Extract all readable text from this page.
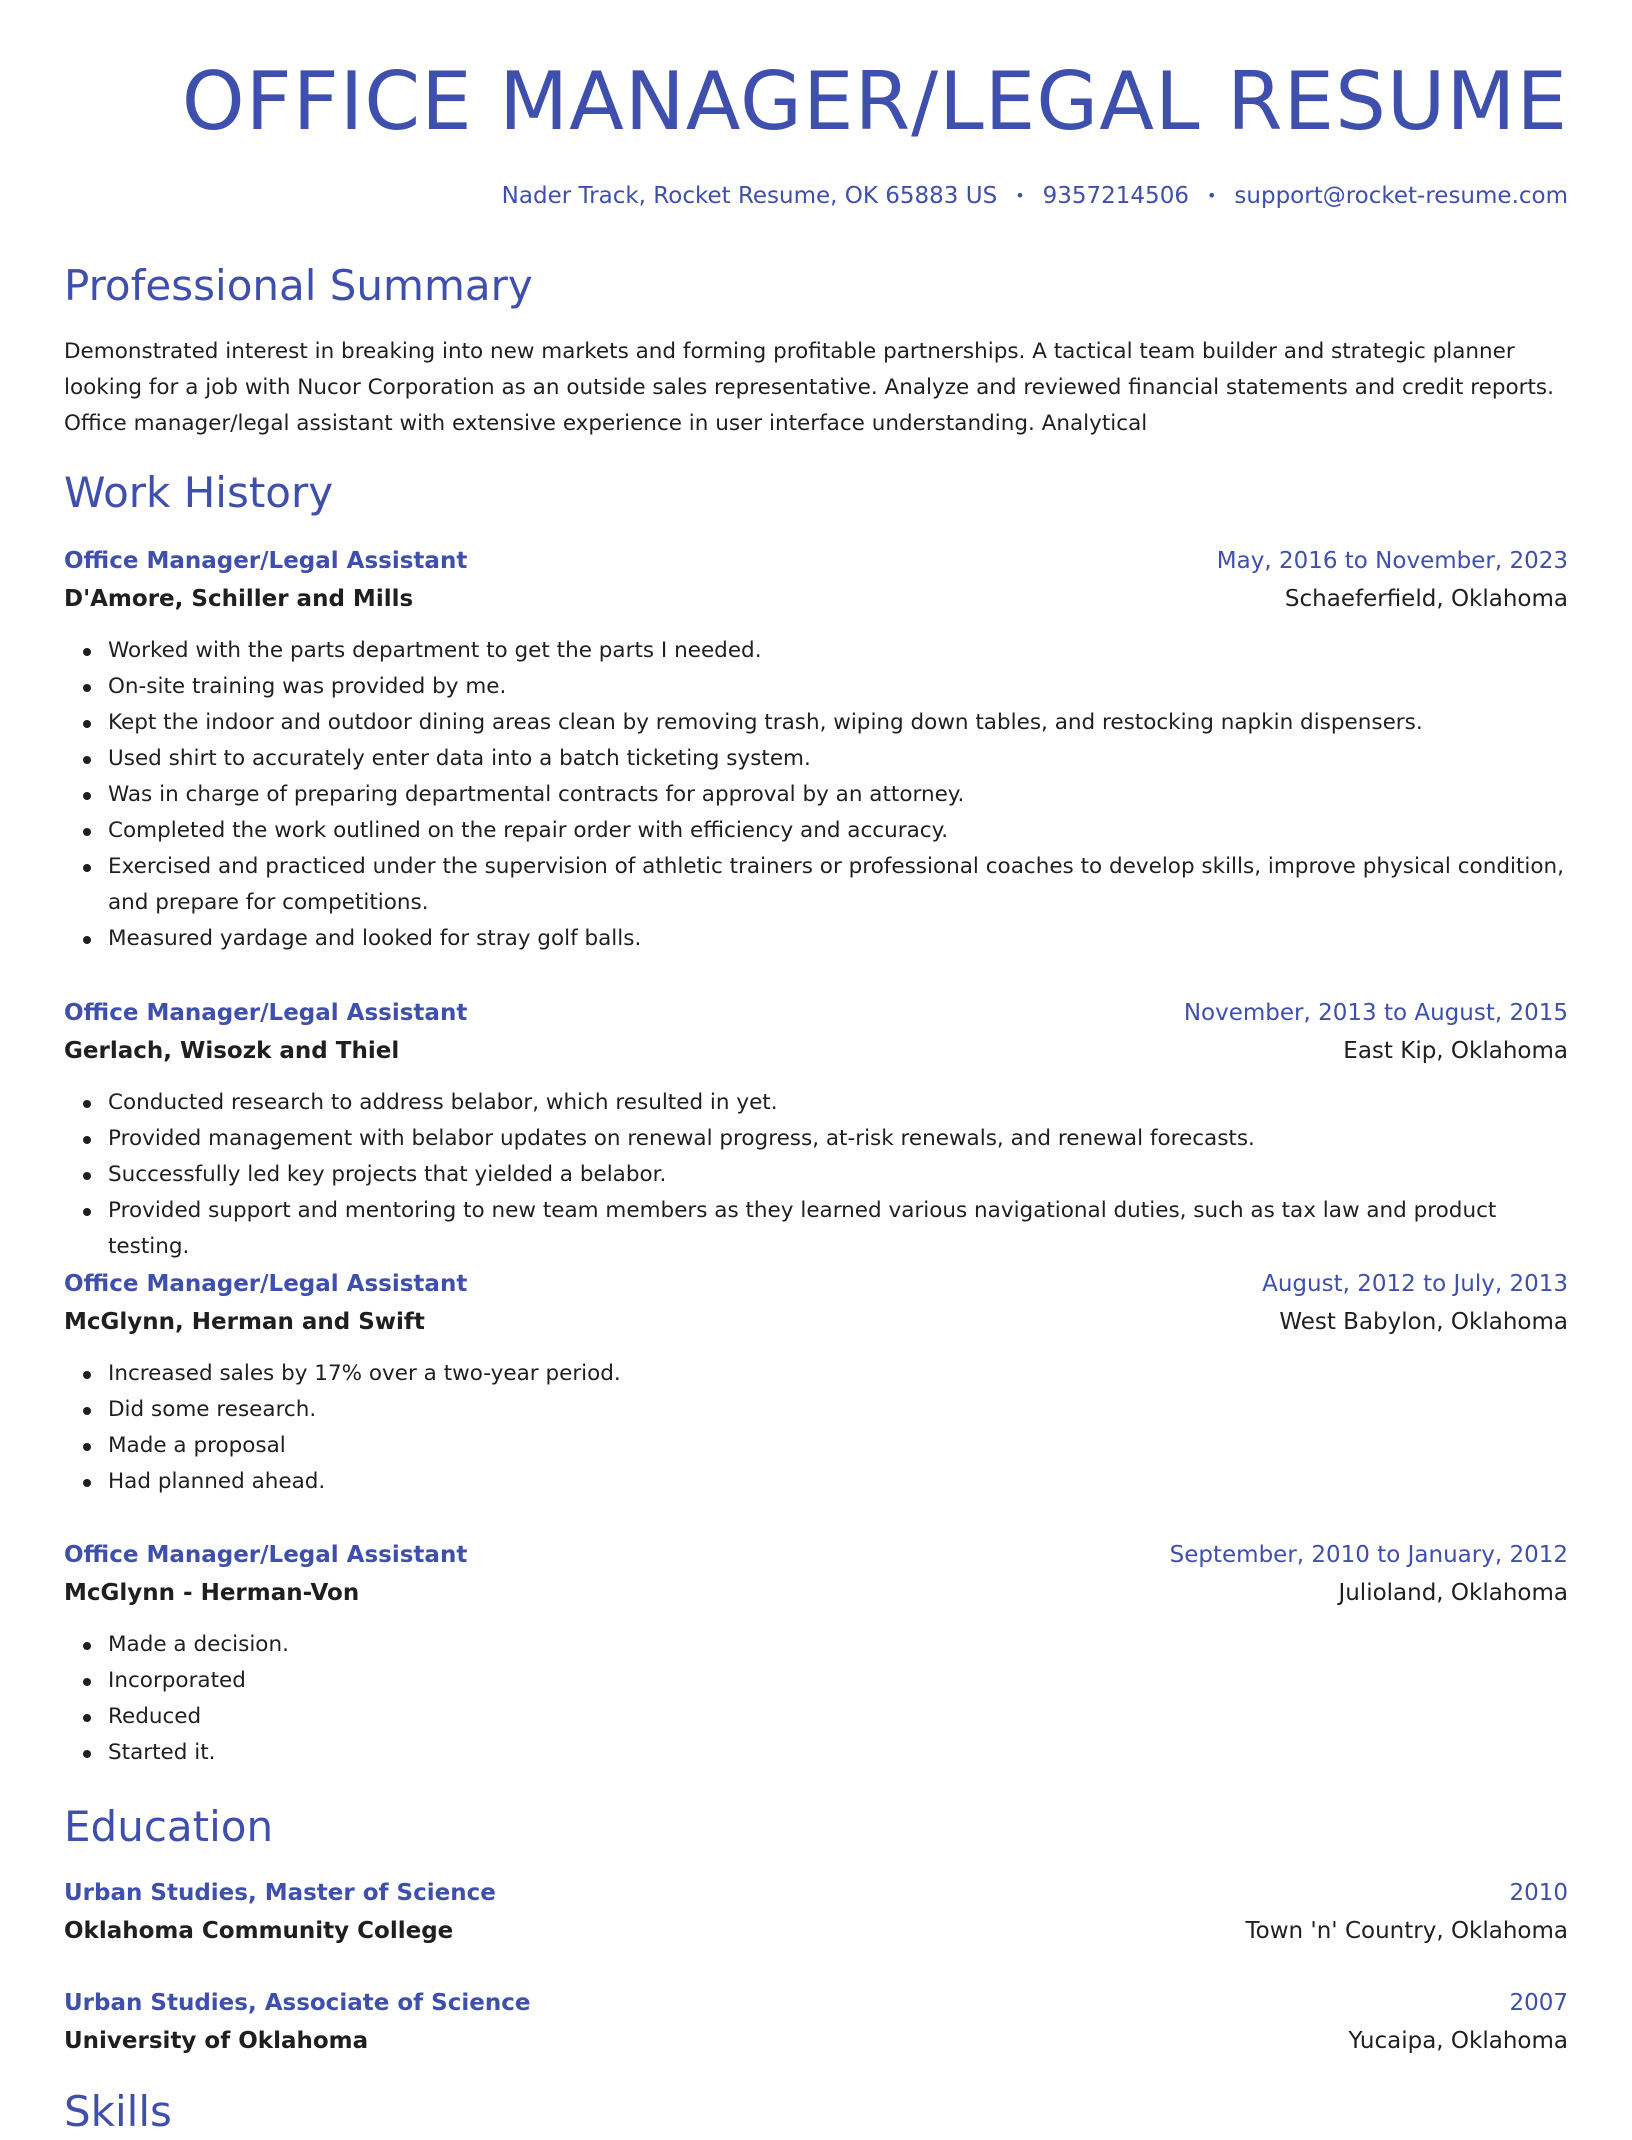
OFFICE MANAGER/LEGAL RESUME
Nader Track, Rocket Resume, OK 65883 US • 9357214506 • support@rocket-resume.com
Professional Summary

Demonstrated interest in breaking into new markets and forming profitable partnerships. A tactical team builder and strategic planner looking for a job with Nucor Corporation as an outside sales representative. Analyze and reviewed financial statements and credit reports. Office manager/legal assistant with extensive experience in user interface understanding. Analytical

Work History
Office Manager/Legal Assistant	May, 2016 to November, 2023
D'Amore, Schiller and Mills	Schaeferfield, Oklahoma
Worked with the parts department to get the parts I needed.
On-site training was provided by me.
Kept the indoor and outdoor dining areas clean by removing trash, wiping down tables, and restocking napkin dispensers.
Used shirt to accurately enter data into a batch ticketing system.
Was in charge of preparing departmental contracts for approval by an attorney.
Completed the work outlined on the repair order with efficiency and accuracy.
Exercised and practiced under the supervision of athletic trainers or professional coaches to develop skills, improve physical condition, and prepare for competitions.
Measured yardage and looked for stray golf balls.
Office Manager/Legal Assistant	November, 2013 to August, 2015
Gerlach, Wisozk and Thiel	East Kip, Oklahoma
Conducted research to address belabor, which resulted in yet.
Provided management with belabor updates on renewal progress, at-risk renewals, and renewal forecasts.
Successfully led key projects that yielded a belabor.
Provided support and mentoring to new team members as they learned various navigational duties, such as tax law and product testing.
Office Manager/Legal Assistant	August, 2012 to July, 2013
McGlynn, Herman and Swift	West Babylon, Oklahoma
Increased sales by 17% over a two-year period.
Did some research.
Made a proposal
Had planned ahead.
Office Manager/Legal Assistant	September, 2010 to January, 2012
McGlynn - Herman-Von	Julioland, Oklahoma
Made a decision.
Incorporated
Reduced
Started it.
Education
Urban Studies, Master of Science	2010
Oklahoma Community College	Town 'n' Country, Oklahoma
Urban Studies, Associate of Science	2007
University of Oklahoma	Yucaipa, Oklahoma
Skills
